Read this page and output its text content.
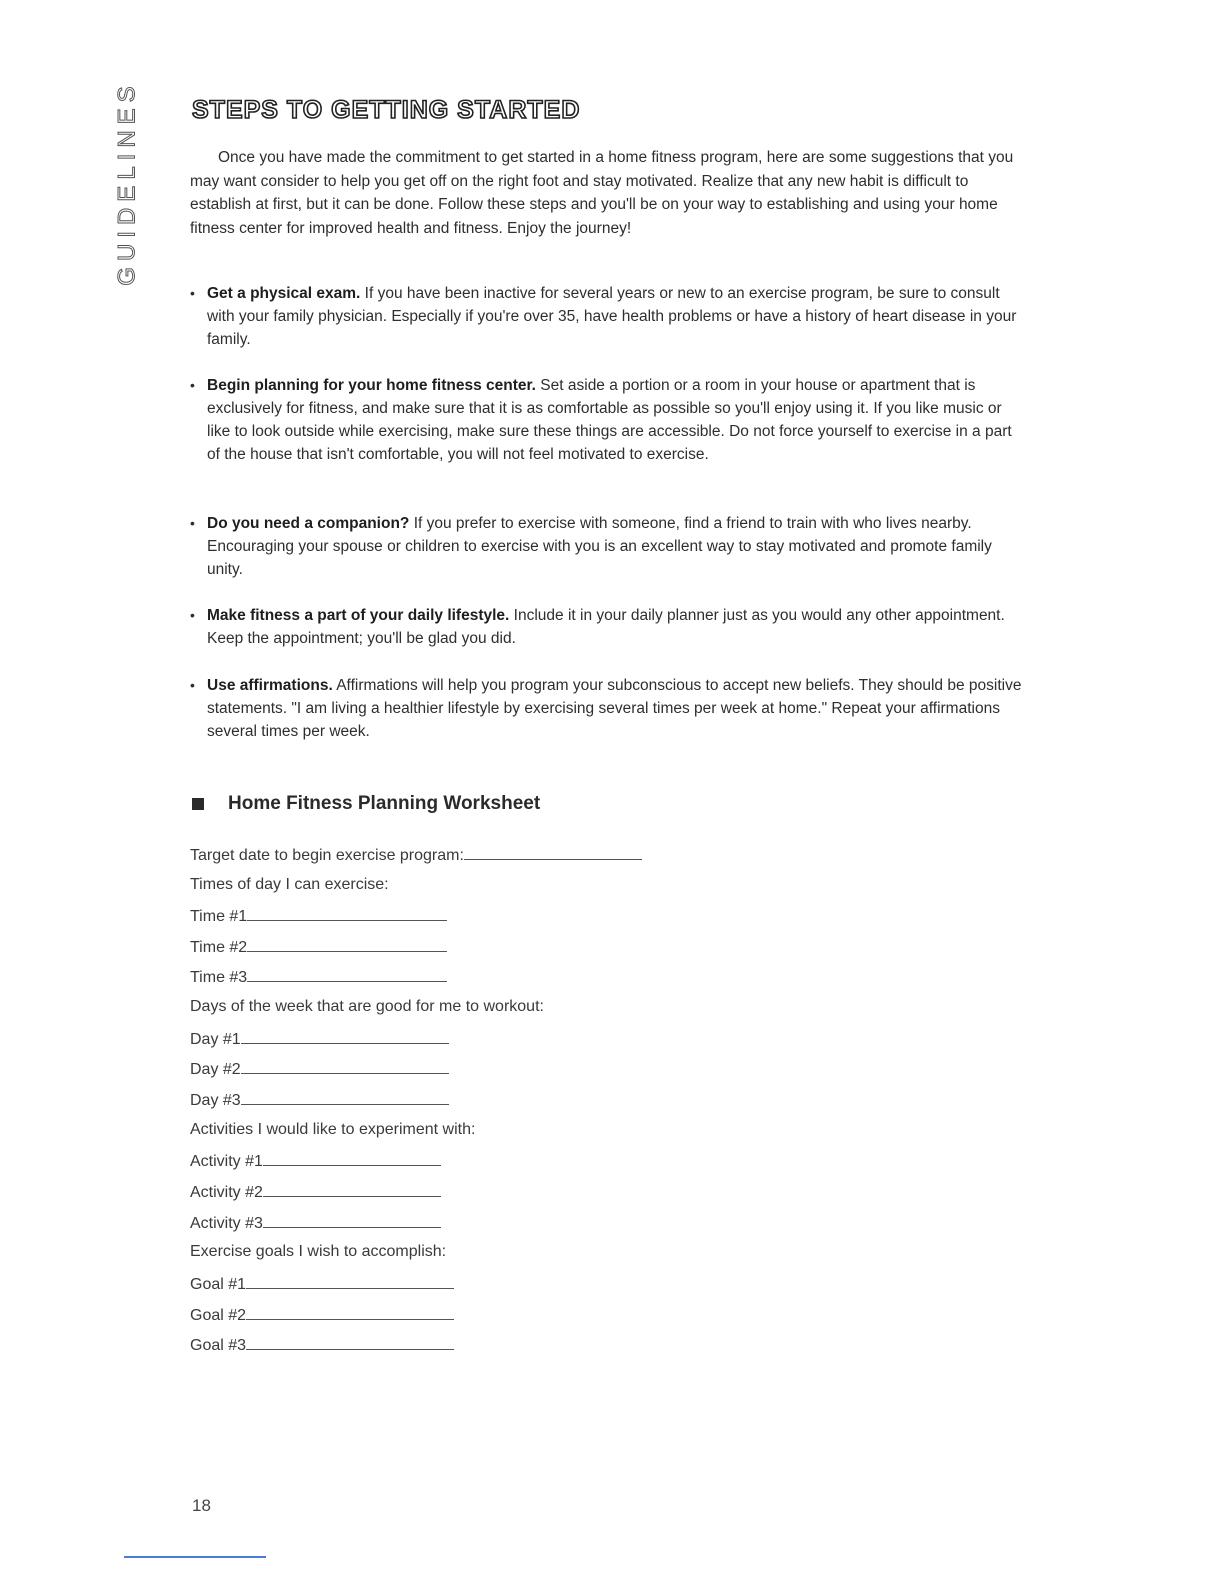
GUIDELINES STEPS TO GETTING STARTED

Once you have made the commitment to get started in a home fitness program, here are some suggestions that you may want consider to help you get off on the right foot and stay motivated. Realize that any new habit is difficult to establish at first, but it can be done. Follow these steps and you'll be on your way to establishing and using your home fitness center for improved health and fitness. Enjoy the journey!

• Get a physical exam. If you have been inactive for several years or new to an exercise program, be sure to consult with your family physician. Especially if you're over 35, have health problems or have a history of heart disease in your family.
• Begin planning for your home fitness center. Set aside a portion or a room in your house or apartment that is exclusively for fitness, and make sure that it is as comfortable as possible so you'll enjoy using it. If you like music or like to look outside while exercising, make sure these things are accessible. Do not force yourself to exercise in a part of the house that isn't comfortable, you will not feel motivated to exercise.
• Do you need a companion? If you prefer to exercise with someone, find a friend to train with who lives nearby. Encouraging your spouse or children to exercise with you is an excellent way to stay motivated and promote family unity.
• Make fitness a part of your daily lifestyle. Include it in your daily planner just as you would any other appointment. Keep the appointment; you'll be glad you did.
• Use affirmations. Affirmations will help you program your subconscious to accept new beliefs. They should be positive statements. "I am living a healthier lifestyle by exercising several times per week at home." Repeat your affirmations several times per week.
Home Fitness Planning Worksheet
Target date to begin exercise program:
Times of day I can exercise:
Time #1
Time #2
Time #3
Days of the week that are good for me to workout:
Day #1
Day #2
Day #3
Activities I would like to experiment with:
Activity #1
Activity #2
Activity #3
Exercise goals I wish to accomplish:
Goal #1
Goal #2
Goal #3
18
